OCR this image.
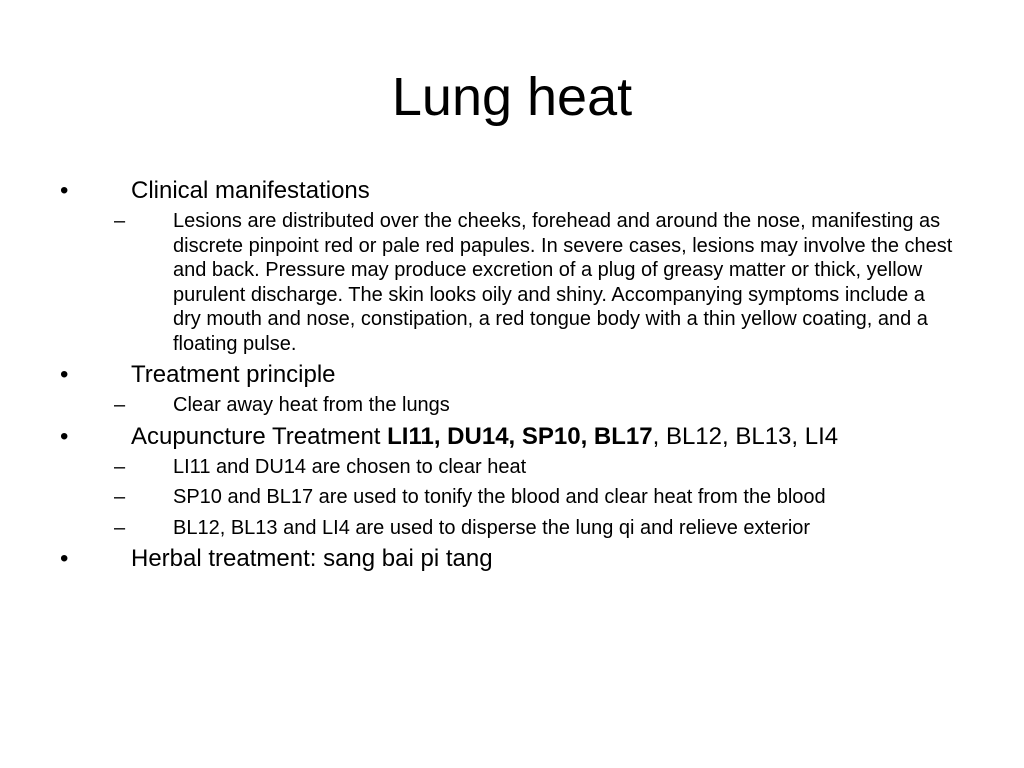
Lung heat
•	Clinical manifestations
– Lesions are distributed over the cheeks, forehead and around the nose, manifesting as discrete pinpoint red or pale red papules. In severe cases, lesions may involve the chest and back. Pressure may produce excretion of a plug of greasy matter or thick, yellow purulent discharge. The skin looks oily and shiny. Accompanying symptoms include a dry mouth and nose, constipation, a red tongue body with a thin yellow coating, and a floating pulse.
•	Treatment principle
– Clear away heat from the lungs
•	Acupuncture Treatment LI11, DU14, SP10, BL17, BL12, BL13, LI4
– LI11 and DU14 are chosen to clear heat
– SP10 and BL17 are used to tonify the blood and clear heat from the blood
– BL12, BL13 and LI4 are used to disperse the lung qi and relieve exterior
•	Herbal treatment: sang bai pi tang
